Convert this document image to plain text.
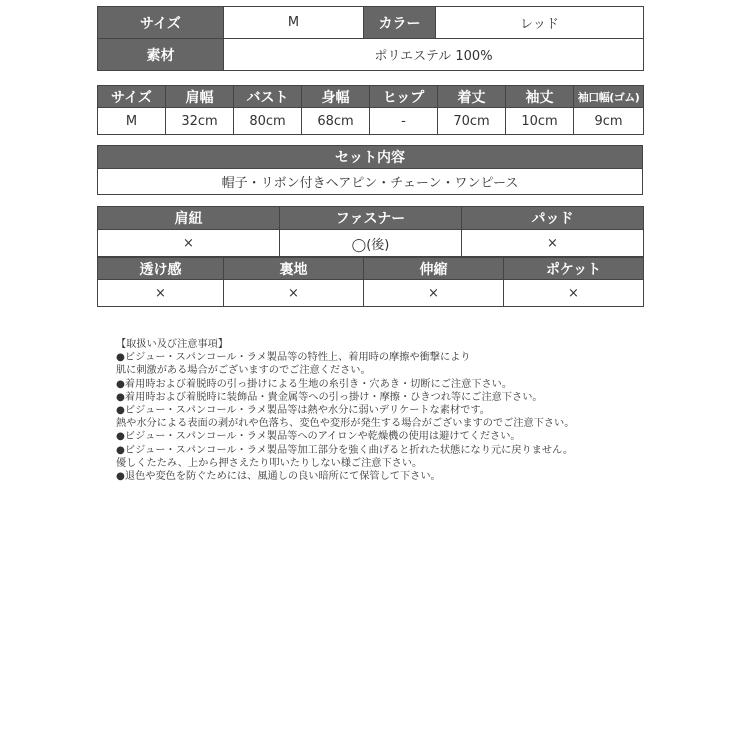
サイズ	M	カラー	レッド
素材	ポリエステル 100%		
サイズ	肩幅	バスト	身幅	ヒップ	着丈	袖丈	袖口幅(ゴム)
M	32cm	80cm	68cm	-	70cm	10cm	9cm
セット内容
帽子・リボン付きヘアピン・チェーン・ワンピース
肩紐	ファスナー	パッド
×	◯(後)	×
透け感	裏地	伸縮	ポケット
×	×	×	×
【取扱い及び注意事項】
●ビジュー・スパンコール・ラメ製品等の特性上、着用時の摩擦や衝撃により
肌に刺激がある場合がございますのでご注意ください。
●着用時および着脱時の引っ掛けによる生地の糸引き・穴あき・切断にご注意下さい。
●着用時および着脱時に装飾品・貴金属等への引っ掛け・摩擦・ひきつれ等にご注意下さい。
●ビジュー・スパンコール・ラメ製品等は熱や水分に弱いデリケートな素材です。
熱や水分による表面の剥がれや色落ち、変色や変形が発生する場合がございますのでご注意下さい。
●ビジュー・スパンコール・ラメ製品等へのアイロンや乾燥機の使用は避けてください。
●ビジュー・スパンコール・ラメ製品等加工部分を強く曲げると折れた状態になり元に戻りません。
優しくたたみ、上から押さえたり叩いたりしない様ご注意下さい。
●退色や変色を防ぐためには、風通しの良い暗所にて保管して下さい。
